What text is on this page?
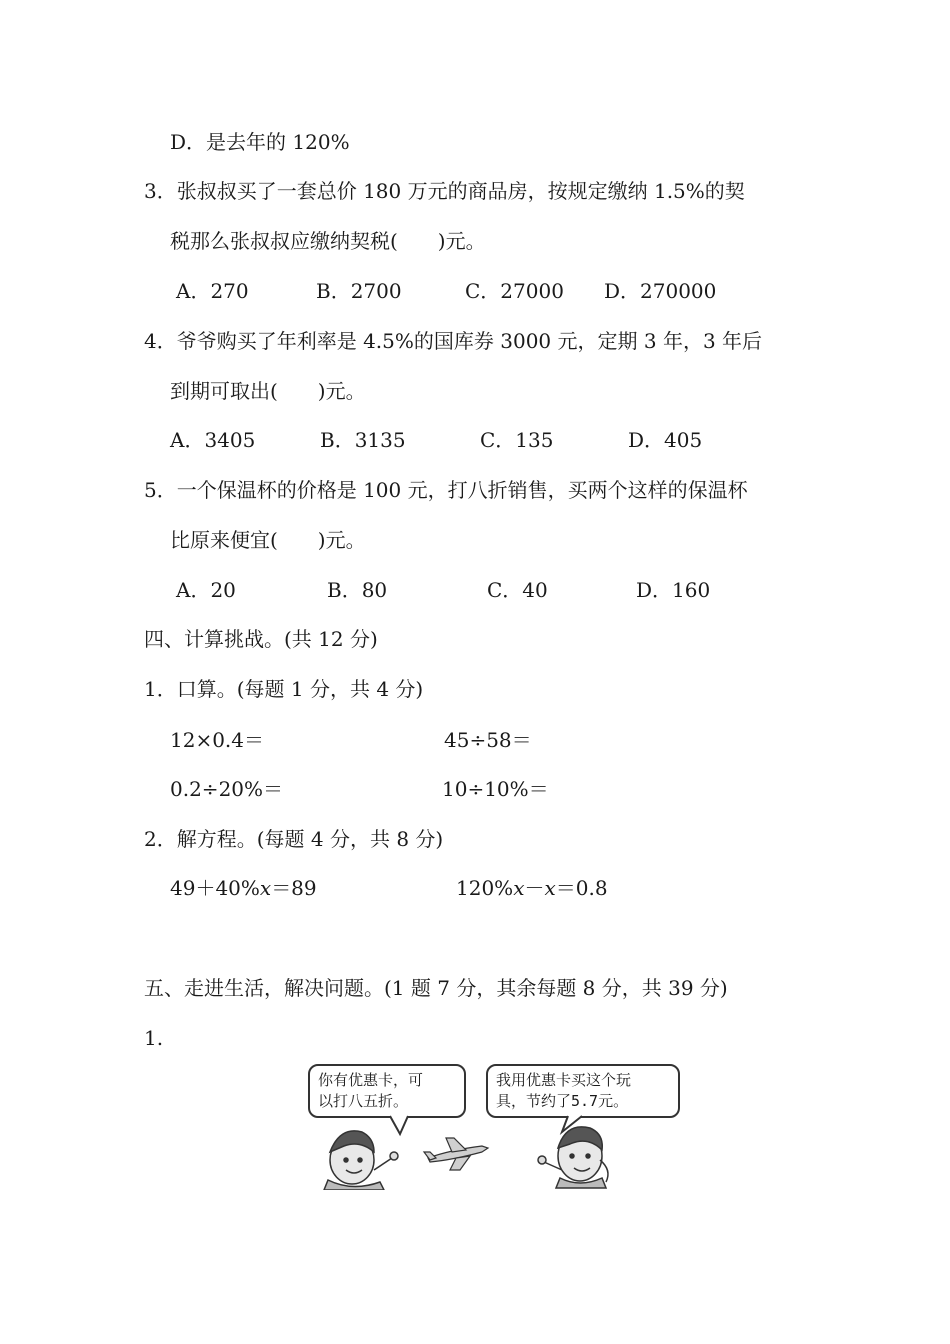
D．是去年的 120%
3．张叔叔买了一套总价 180 万元的商品房，按规定缴纳 1.5%的契
税那么张叔叔应缴纳契税(　　)元。
A．270	B．2700	C．27000 D．270000
4．爷爷购买了年利率是 4.5%的国库券 3000 元，定期 3 年，3 年后
到期可取出(　　)元。
A．3405	B．3135	C．135	D．405
5．一个保温杯的价格是 100 元，打八折销售，买两个这样的保温杯
比原来便宜(　　)元。
A．20	B．80	C．40	D．160
四、计算挑战。(共 12 分)
1．口算。(每题 1 分，共 4 分)
12×0.4＝	45÷58＝
0.2÷20%＝	10÷10%＝
2．解方程。(每题 4 分，共 8 分)
49＋40%x＝89	120%x－x＝0.8
五、走进生活，解决问题。(1 题 7 分，其余每题 8 分，共 39 分)
1.
你有优惠卡，可
以打八五折。
我用优惠卡买这个玩
具，节约了5.7元。
